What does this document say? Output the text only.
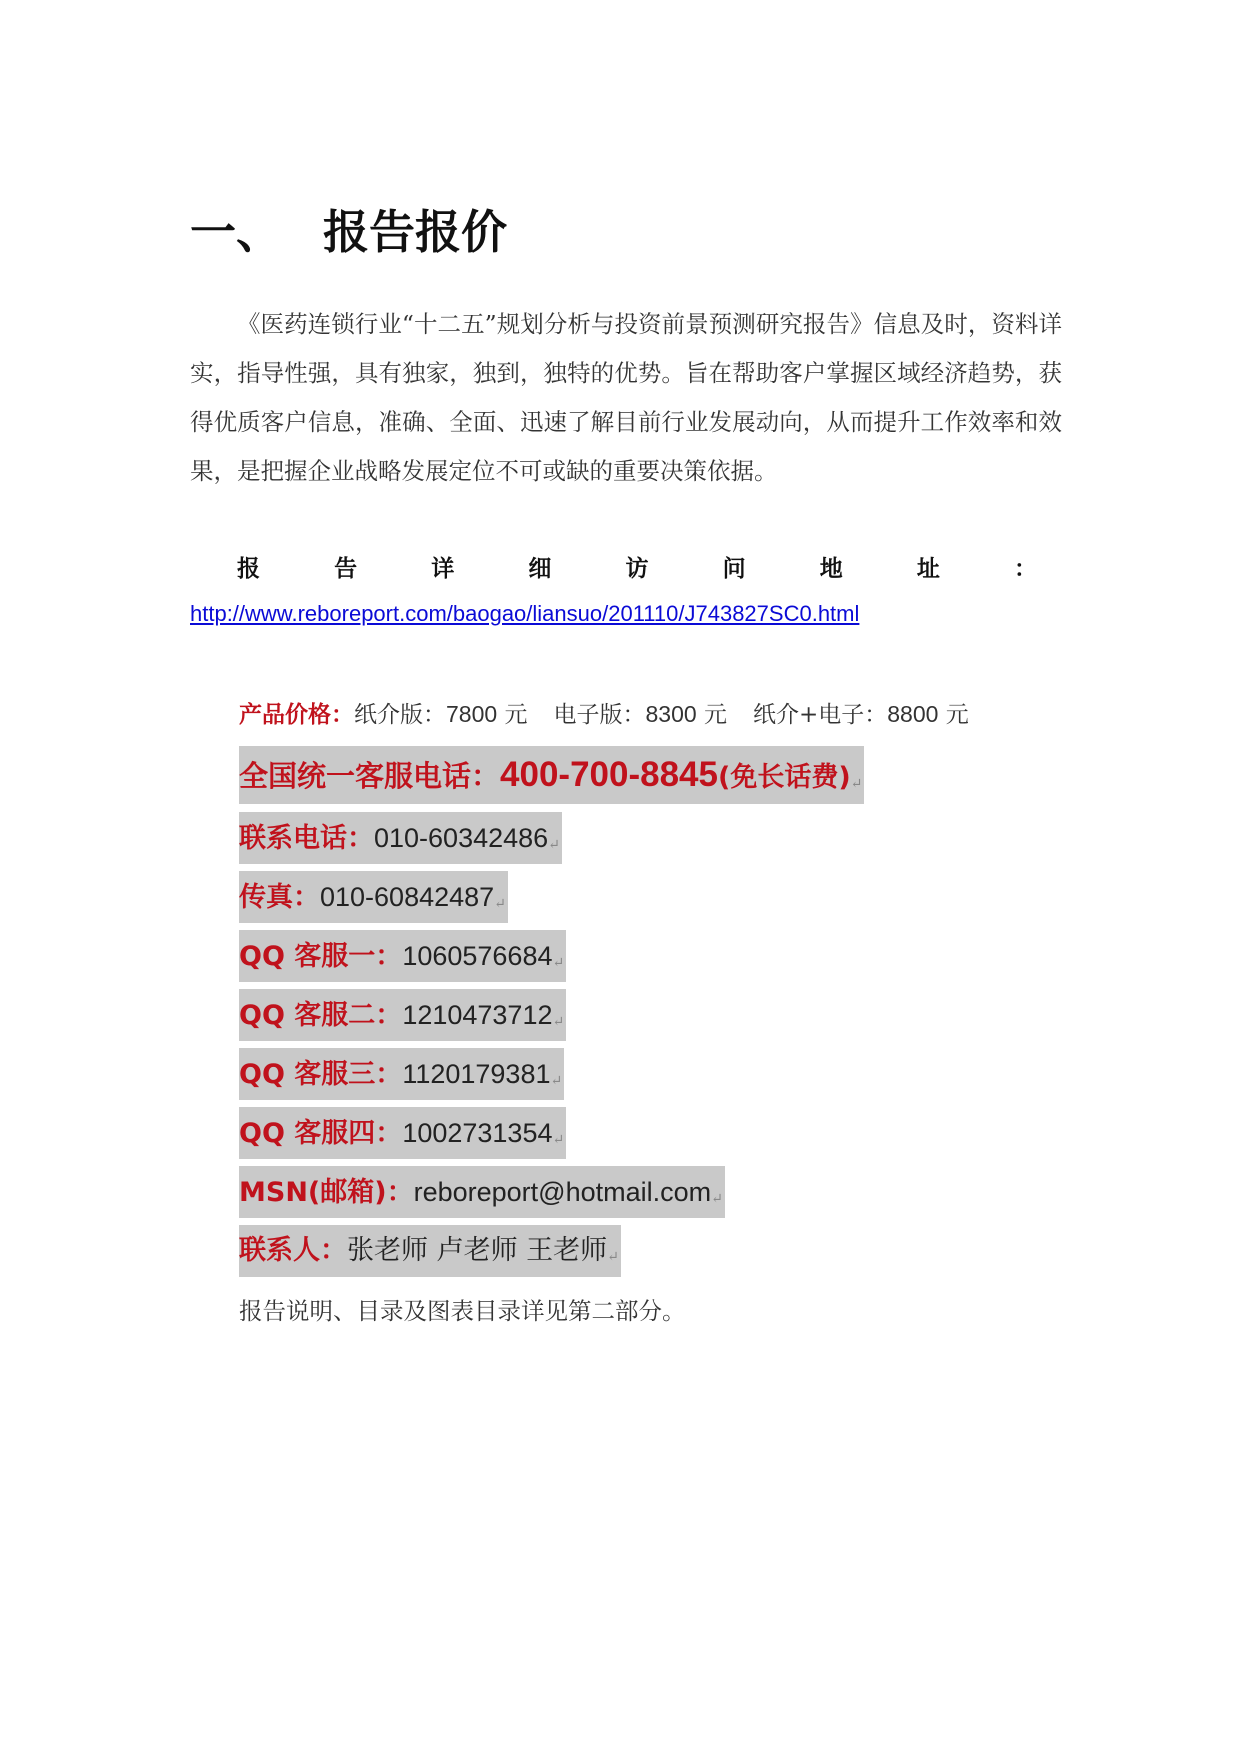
一、 报告报价

《医药连锁行业“十二五”规划分析与投资前景预测研究报告》信息及时，资料详实，指导性强，具有独家，独到，独特的优势。旨在帮助客户掌握区域经济趋势，获得优质客户信息，准确、全面、迅速了解目前行业发展动向，从而提升工作效率和效果，是把握企业战略发展定位不可或缺的重要决策依据。

报	告	详	细	访	问	地	址	：
http://www.reboreport.com/baogao/liansuo/201110/J743827SC0.html
产品价格：纸介版：7800 元 电子版：8300 元 纸介+电子：8800 元
全国统一客服电话：400-700-8845(免长话费)↵
联系电话：010-60342486↵
传真：010-60842487↵
QQ 客服一：1060576684↵
QQ 客服二：1210473712↵
QQ 客服三：1120179381↵
QQ 客服四：1002731354↵
MSN(邮箱)：reboreport@hotmail.com↵
联系人：张老师 卢老师 王老师↵
报告说明、目录及图表目录详见第二部分。
